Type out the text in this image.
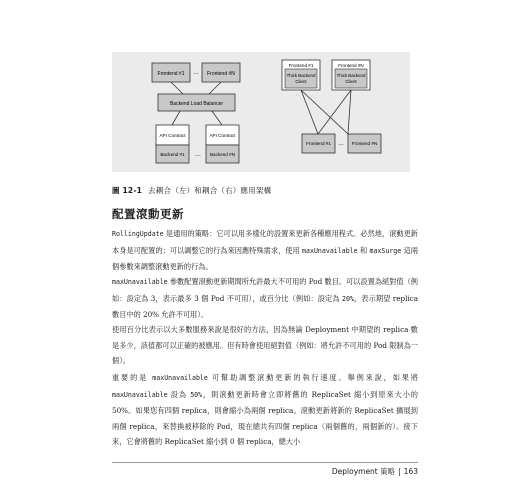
Frontend #1 … Frontend #N
Backend Load Balancer
API Contract
Backend #1 …
API Contract
Backend #N
Frontend #1
Thick Backend
Client
Frontend #N
Thick Backend
Client
Frontend #1 … Frontend #N
圖 12-1 去耦合（左）和耦合（右）應用架構
配置滾動更新

RollingUpdate 是通用的策略：它可以用多樣化的設置來更新各種應用程式。必然地，滾動更新本身是可配置的；可以調整它的行為來因應特殊需求，使用 maxUnavailable 和 maxSurge 這兩個參數來調整滾動更新的行為。

maxUnavailable 參數配置滾動更新期間所允許最大不可用的 Pod 數目。可以設置為絕對值（例如：設定為 3，表示最多 3 個 Pod 不可用），或百分比（例如：設定為 20%，表示期望 replica 數目中的 20% 允許不可用）。

使用百分比表示以大多數服務來說是很好的方法，因為無論 Deployment 中期望的 replica 數是多少，該值都可以正確的被應用。但有時會使用絕對值（例如：將允許不可用的 Pod 限制為一個）。

重要的是 maxUnavailable 可幫助調整滾動更新的執行速度。舉例來說，如果將 maxUnavailable 設為 50%，則滾動更新時會立即將舊的 ReplicaSet 縮小到原來大小的 50%。如果您有四個 replica，則會縮小為兩個 replica。滾動更新將新的 ReplicaSet 擴展到兩個 replica，來替換被移除的 Pod，現在總共有四個 replica（兩個舊的，兩個新的）。接下來，它會將舊的 ReplicaSet 縮小到 0 個 replica，總大小

Deployment 策略 | 163
